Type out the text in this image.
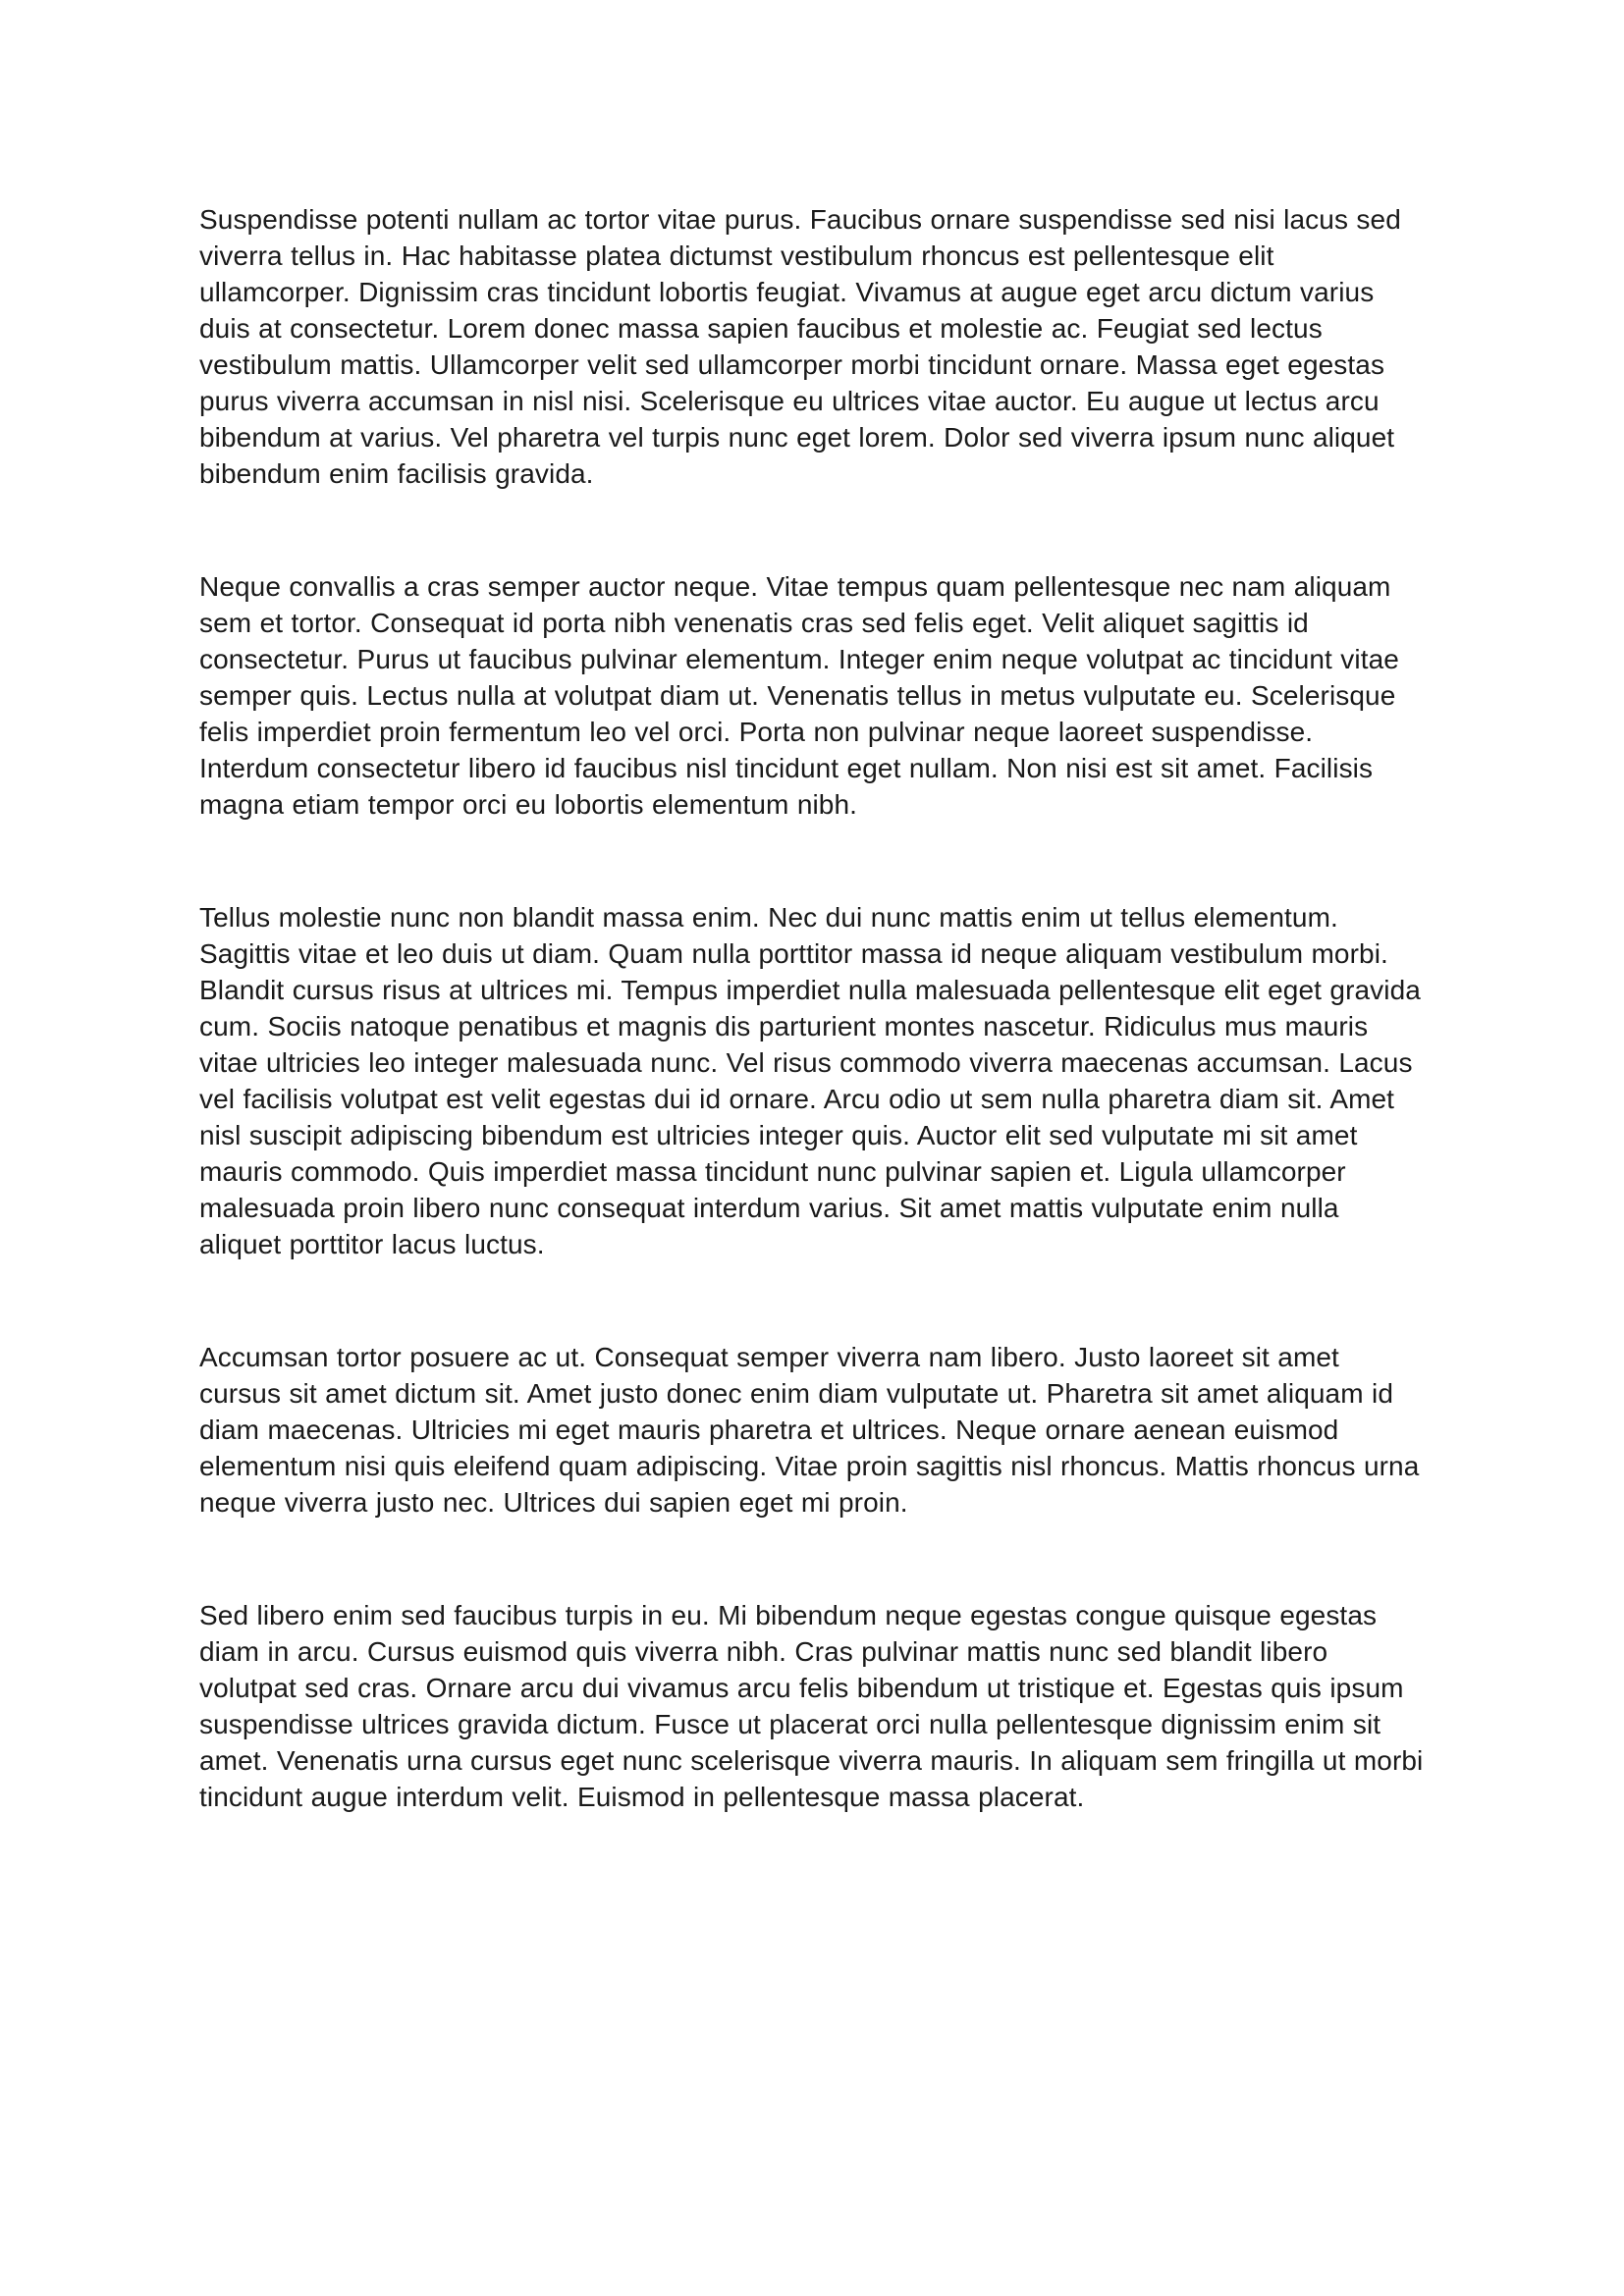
Suspendisse potenti nullam ac tortor vitae purus. Faucibus ornare suspendisse sed nisi lacus sed viverra tellus in. Hac habitasse platea dictumst vestibulum rhoncus est pellentesque elit ullamcorper. Dignissim cras tincidunt lobortis feugiat. Vivamus at augue eget arcu dictum varius duis at consectetur. Lorem donec massa sapien faucibus et molestie ac. Feugiat sed lectus vestibulum mattis. Ullamcorper velit sed ullamcorper morbi tincidunt ornare. Massa eget egestas purus viverra accumsan in nisl nisi. Scelerisque eu ultrices vitae auctor. Eu augue ut lectus arcu bibendum at varius. Vel pharetra vel turpis nunc eget lorem. Dolor sed viverra ipsum nunc aliquet bibendum enim facilisis gravida.

Neque convallis a cras semper auctor neque. Vitae tempus quam pellentesque nec nam aliquam sem et tortor. Consequat id porta nibh venenatis cras sed felis eget. Velit aliquet sagittis id consectetur. Purus ut faucibus pulvinar elementum. Integer enim neque volutpat ac tincidunt vitae semper quis. Lectus nulla at volutpat diam ut. Venenatis tellus in metus vulputate eu. Scelerisque felis imperdiet proin fermentum leo vel orci. Porta non pulvinar neque laoreet suspendisse. Interdum consectetur libero id faucibus nisl tincidunt eget nullam. Non nisi est sit amet. Facilisis magna etiam tempor orci eu lobortis elementum nibh.

Tellus molestie nunc non blandit massa enim. Nec dui nunc mattis enim ut tellus elementum. Sagittis vitae et leo duis ut diam. Quam nulla porttitor massa id neque aliquam vestibulum morbi. Blandit cursus risus at ultrices mi. Tempus imperdiet nulla malesuada pellentesque elit eget gravida cum. Sociis natoque penatibus et magnis dis parturient montes nascetur. Ridiculus mus mauris vitae ultricies leo integer malesuada nunc. Vel risus commodo viverra maecenas accumsan. Lacus vel facilisis volutpat est velit egestas dui id ornare. Arcu odio ut sem nulla pharetra diam sit. Amet nisl suscipit adipiscing bibendum est ultricies integer quis. Auctor elit sed vulputate mi sit amet mauris commodo. Quis imperdiet massa tincidunt nunc pulvinar sapien et. Ligula ullamcorper malesuada proin libero nunc consequat interdum varius. Sit amet mattis vulputate enim nulla aliquet porttitor lacus luctus.

Accumsan tortor posuere ac ut. Consequat semper viverra nam libero. Justo laoreet sit amet cursus sit amet dictum sit. Amet justo donec enim diam vulputate ut. Pharetra sit amet aliquam id diam maecenas. Ultricies mi eget mauris pharetra et ultrices. Neque ornare aenean euismod elementum nisi quis eleifend quam adipiscing. Vitae proin sagittis nisl rhoncus. Mattis rhoncus urna neque viverra justo nec. Ultrices dui sapien eget mi proin.

Sed libero enim sed faucibus turpis in eu. Mi bibendum neque egestas congue quisque egestas diam in arcu. Cursus euismod quis viverra nibh. Cras pulvinar mattis nunc sed blandit libero volutpat sed cras. Ornare arcu dui vivamus arcu felis bibendum ut tristique et. Egestas quis ipsum suspendisse ultrices gravida dictum. Fusce ut placerat orci nulla pellentesque dignissim enim sit amet. Venenatis urna cursus eget nunc scelerisque viverra mauris. In aliquam sem fringilla ut morbi tincidunt augue interdum velit. Euismod in pellentesque massa placerat.
